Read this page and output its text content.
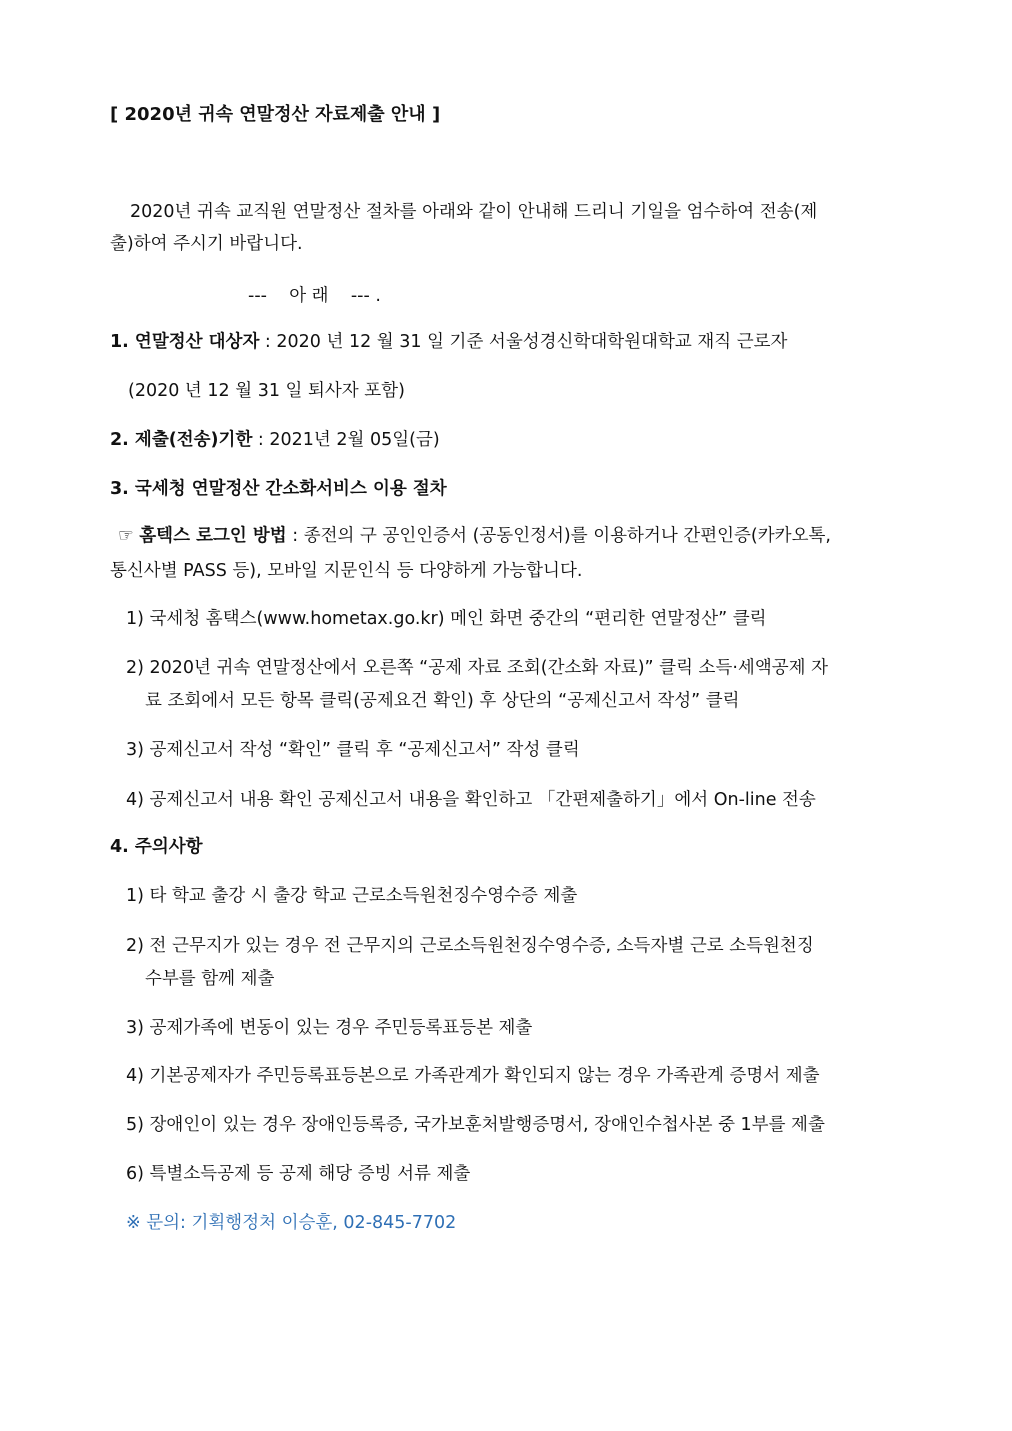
[ 2020년 귀속 연말정산 자료제출 안내 ]
2020년 귀속 교직원 연말정산 절차를 아래와 같이 안내해 드리니 기일을 엄수하여 전송(제
출)하여 주시기 바랍니다.
---    아 래    --- .
1. 연말정산 대상자 : 2020 년 12 월 31 일 기준 서울성경신학대학원대학교 재직 근로자
(2020 년 12 월 31 일 퇴사자 포함)
2. 제출(전송)기한 : 2021년 2월 05일(금)
3. 국세청 연말정산 간소화서비스 이용 절차
☞ 홈텍스 로그인 방법 : 종전의 구 공인인증서 (공동인정서)를 이용하거나 간편인증(카카오톡,
통신사별 PASS 등), 모바일 지문인식 등 다양하게 가능합니다.
1) 국세청 홈택스(www.hometax.go.kr) 메인 화면 중간의 “편리한 연말정산” 클릭
2) 2020년 귀속 연말정산에서 오른쪽 “공제 자료 조회(간소화 자료)” 클릭 소득·세액공제 자
료 조회에서 모든 항목 클릭(공제요건 확인) 후 상단의 “공제신고서 작성” 클릭
3) 공제신고서 작성 “확인” 클릭 후 “공제신고서” 작성 클릭
4) 공제신고서 내용 확인 공제신고서 내용을 확인하고 「간편제출하기」에서 On-line 전송
4. 주의사항
1) 타 학교 출강 시 출강 학교 근로소득원천징수영수증 제출
2) 전 근무지가 있는 경우 전 근무지의 근로소득원천징수영수증, 소득자별 근로 소득원천징
수부를 함께 제출
3) 공제가족에 변동이 있는 경우 주민등록표등본 제출
4) 기본공제자가 주민등록표등본으로 가족관계가 확인되지 않는 경우 가족관계 증명서 제출
5) 장애인이 있는 경우 장애인등록증, 국가보훈처발행증명서, 장애인수첩사본 중 1부를 제출
6) 특별소득공제 등 공제 해당 증빙 서류 제출
※ 문의: 기획행정처 이승훈, 02-845-7702
